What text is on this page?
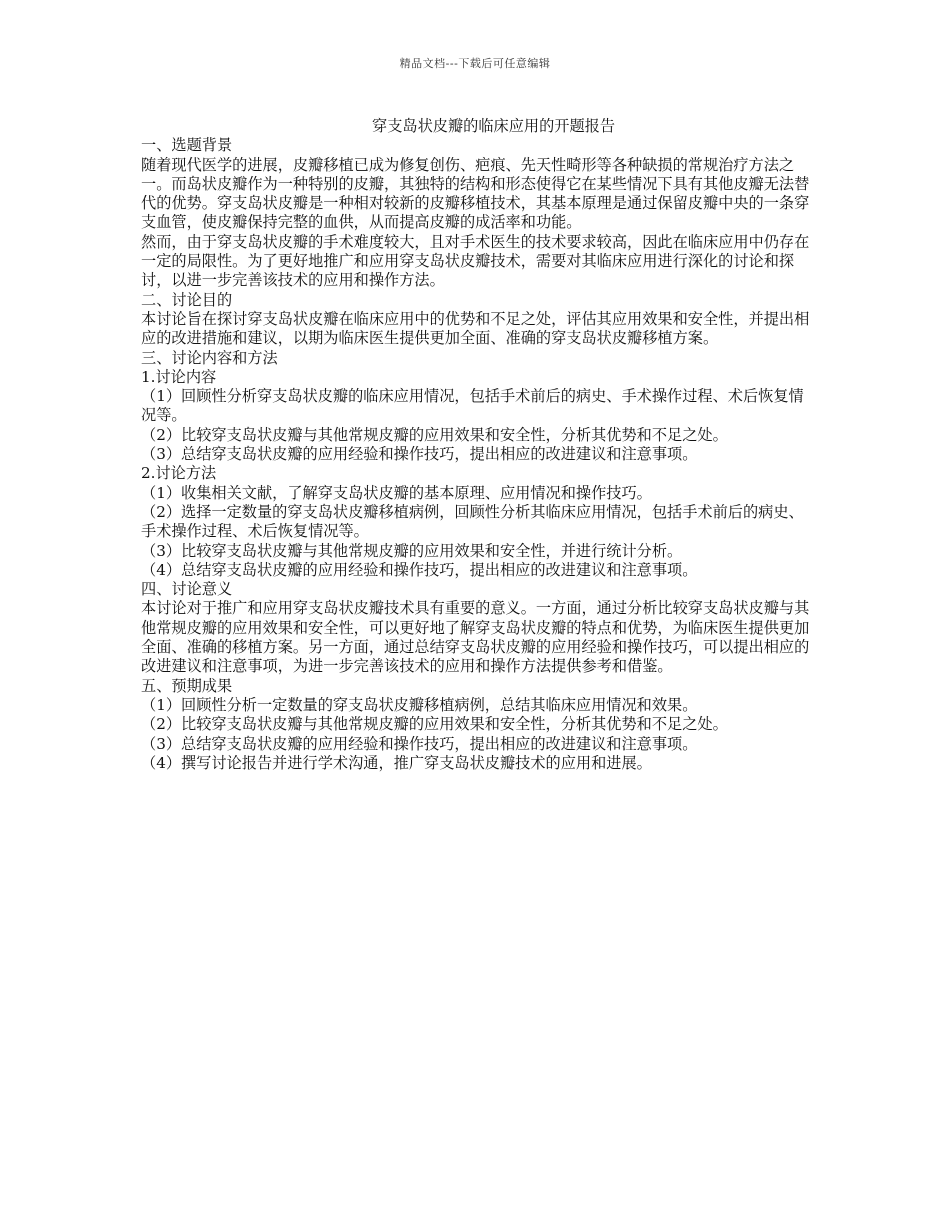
精品文档---下载后可任意编辑

穿支岛状皮瓣的临床应用的开题报告

一、选题背景

随着现代医学的进展，皮瓣移植已成为修复创伤、疤痕、先天性畸形等各种缺损的常规治疗方法之一。而岛状皮瓣作为一种特别的皮瓣，其独特的结构和形态使得它在某些情况下具有其他皮瓣无法替代的优势。穿支岛状皮瓣是一种相对较新的皮瓣移植技术，其基本原理是通过保留皮瓣中央的一条穿支血管，使皮瓣保持完整的血供，从而提高皮瓣的成活率和功能。

然而，由于穿支岛状皮瓣的手术难度较大，且对手术医生的技术要求较高，因此在临床应用中仍存在一定的局限性。为了更好地推广和应用穿支岛状皮瓣技术，需要对其临床应用进行深化的讨论和探讨，以进一步完善该技术的应用和操作方法。

二、讨论目的

本讨论旨在探讨穿支岛状皮瓣在临床应用中的优势和不足之处，评估其应用效果和安全性，并提出相应的改进措施和建议，以期为临床医生提供更加全面、准确的穿支岛状皮瓣移植方案。

三、讨论内容和方法

1.讨论内容

（1）回顾性分析穿支岛状皮瓣的临床应用情况，包括手术前后的病史、手术操作过程、术后恢复情况等。

（2）比较穿支岛状皮瓣与其他常规皮瓣的应用效果和安全性，分析其优势和不足之处。

（3）总结穿支岛状皮瓣的应用经验和操作技巧，提出相应的改进建议和注意事项。

2.讨论方法

（1）收集相关文献，了解穿支岛状皮瓣的基本原理、应用情况和操作技巧。

（2）选择一定数量的穿支岛状皮瓣移植病例，回顾性分析其临床应用情况，包括手术前后的病史、手术操作过程、术后恢复情况等。

（3）比较穿支岛状皮瓣与其他常规皮瓣的应用效果和安全性，并进行统计分析。

（4）总结穿支岛状皮瓣的应用经验和操作技巧，提出相应的改进建议和注意事项。

四、讨论意义

本讨论对于推广和应用穿支岛状皮瓣技术具有重要的意义。一方面，通过分析比较穿支岛状皮瓣与其他常规皮瓣的应用效果和安全性，可以更好地了解穿支岛状皮瓣的特点和优势，为临床医生提供更加全面、准确的移植方案。另一方面，通过总结穿支岛状皮瓣的应用经验和操作技巧，可以提出相应的改进建议和注意事项，为进一步完善该技术的应用和操作方法提供参考和借鉴。

五、预期成果

（1）回顾性分析一定数量的穿支岛状皮瓣移植病例，总结其临床应用情况和效果。

（2）比较穿支岛状皮瓣与其他常规皮瓣的应用效果和安全性，分析其优势和不足之处。

（3）总结穿支岛状皮瓣的应用经验和操作技巧，提出相应的改进建议和注意事项。

（4）撰写讨论报告并进行学术沟通，推广穿支岛状皮瓣技术的应用和进展。
